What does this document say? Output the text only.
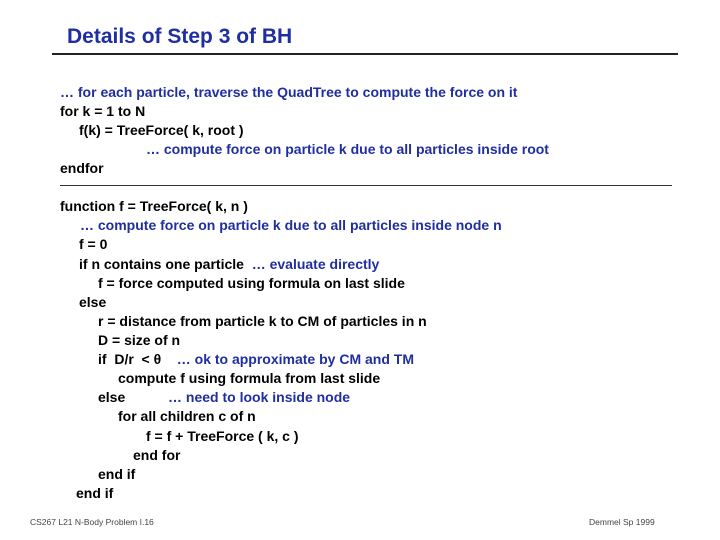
Details of Step 3 of BH
… for each particle, traverse the QuadTree to compute the force on it
for k = 1 to N
f(k) = TreeForce( k, root )
… compute force on particle k due to all particles inside root
endfor
function f = TreeForce( k, n )
… compute force on particle k due to all particles inside node n
f = 0
if n contains one particle  … evaluate directly
f = force computed using formula on last slide
else
r = distance from particle k to CM of particles in n
D = size of n
if  D/r  < θ    … ok to approximate by CM and TM
compute f using formula from last slide
else           … need to look inside node
for all children c of n
f = f + TreeForce ( k, c )
end for
end if
end if
CS267 L21 N-Body Problem I.16	Demmel Sp 1999
